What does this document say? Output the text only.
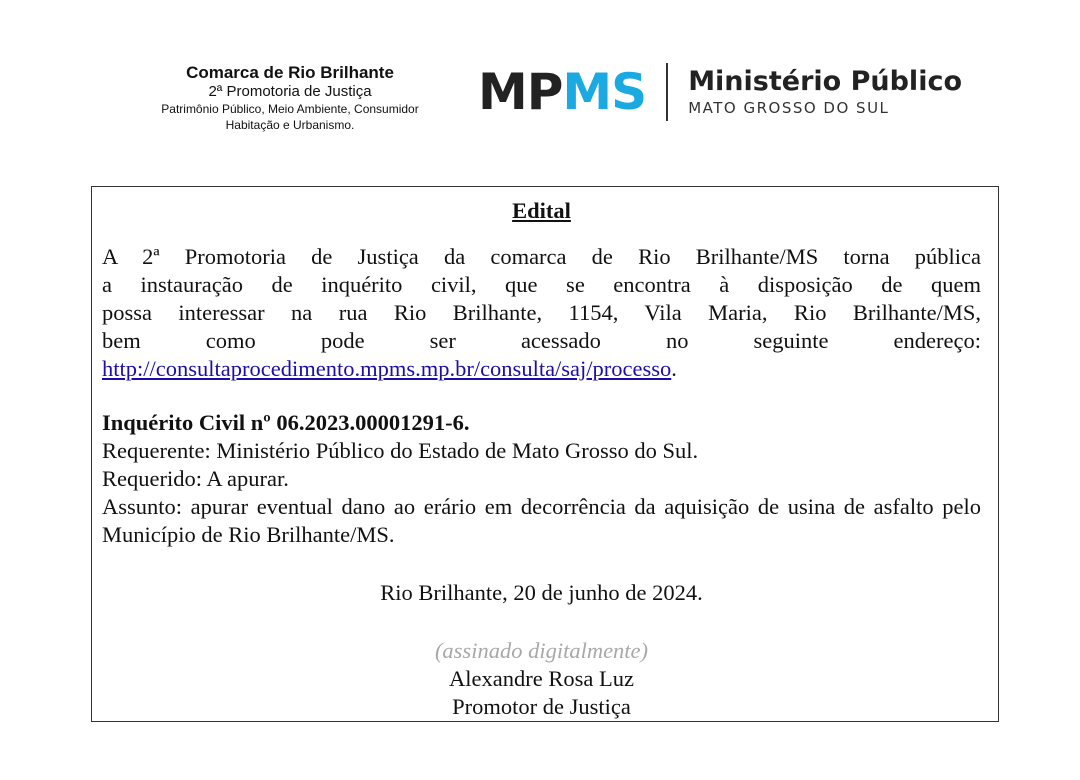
Comarca de Rio Brilhante
2ª Promotoria de Justiça
Patrimônio Público, Meio Ambiente, Consumidor
Habitação e Urbanismo.
MPMS Ministério Público
MATO GROSSO DO SUL
Edital

A 2ª Promotoria de Justiça da comarca de Rio Brilhante/MS torna pública
a instauração de inquérito civil, que se encontra à disposição de quem
possa interessar na rua Rio Brilhante, 1154, Vila Maria, Rio Brilhante/MS,
bem como pode ser acessado no seguinte endereço:
http://consultaprocedimento.mpms.mp.br/consulta/saj/processo.

Inquérito Civil nº 06.2023.00001291-6.

Requerente: Ministério Público do Estado de Mato Grosso do Sul.

Requerido: A apurar.

Assunto: apurar eventual dano ao erário em decorrência da aquisição de usina de asfalto pelo Município de Rio Brilhante/MS.

Rio Brilhante, 20 de junho de 2024.

(assinado digitalmente)

Alexandre Rosa Luz

Promotor de Justiça
